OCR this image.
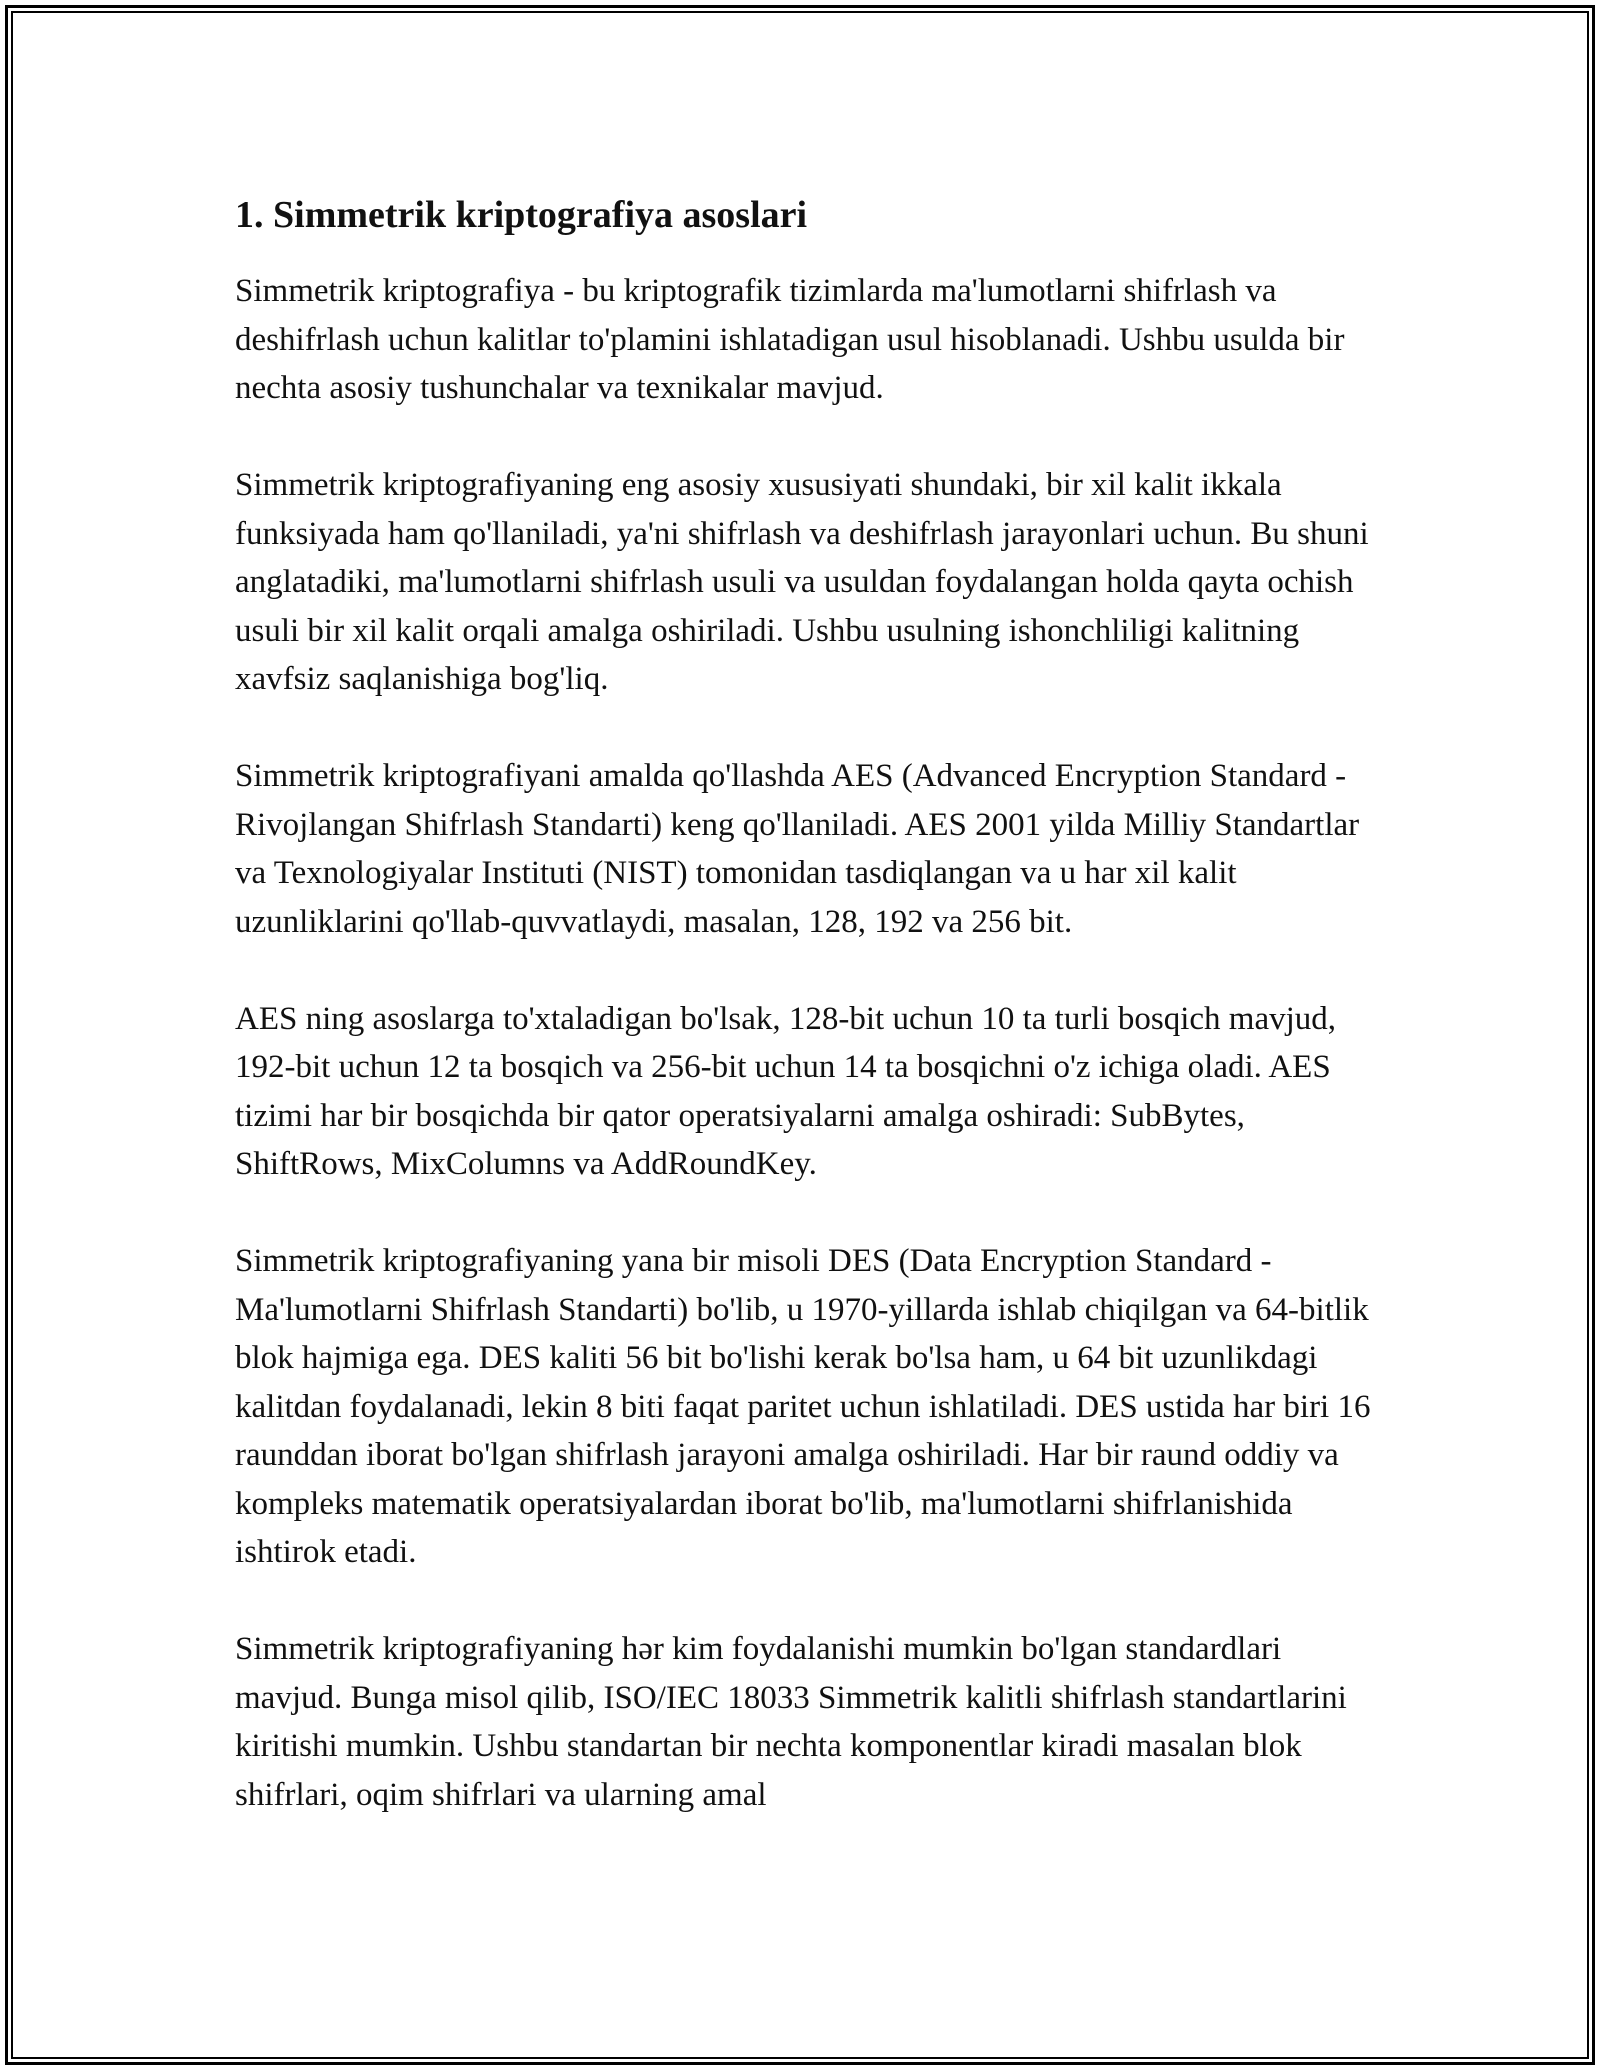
1. Simmetrik kriptografiya asoslari

Simmetrik kriptografiya - bu kriptografik tizimlarda ma'lumotlarni shifrlash va deshifrlash uchun kalitlar to'plamini ishlatadigan usul hisoblanadi. Ushbu usulda bir nechta asosiy tushunchalar va texnikalar mavjud.

Simmetrik kriptografiyaning eng asosiy xususiyati shundaki, bir xil kalit ikkala funksiyada ham qo'llaniladi, ya'ni shifrlash va deshifrlash jarayonlari uchun. Bu shuni anglatadiki, ma'lumotlarni shifrlash usuli va usuldan foydalangan holda qayta ochish usuli bir xil kalit orqali amalga oshiriladi. Ushbu usulning ishonchliligi kalitning xavfsiz saqlanishiga bog'liq.

Simmetrik kriptografiyani amalda qo'llashda AES (Advanced Encryption Standard - Rivojlangan Shifrlash Standarti) keng qo'llaniladi. AES 2001 yilda Milliy Standartlar va Texnologiyalar Instituti (NIST) tomonidan tasdiqlangan va u har xil kalit uzunliklarini qo'llab-quvvatlaydi, masalan, 128, 192 va 256 bit.

AES ning asoslarga to'xtaladigan bo'lsak, 128-bit uchun 10 ta turli bosqich mavjud, 192-bit uchun 12 ta bosqich va 256-bit uchun 14 ta bosqichni o'z ichiga oladi. AES tizimi har bir bosqichda bir qator operatsiyalarni amalga oshiradi: SubBytes, ShiftRows, MixColumns va AddRoundKey.

Simmetrik kriptografiyaning yana bir misoli DES (Data Encryption Standard - Ma'lumotlarni Shifrlash Standarti) bo'lib, u 1970-yillarda ishlab chiqilgan va 64-bitlik blok hajmiga ega. DES kaliti 56 bit bo'lishi kerak bo'lsa ham, u 64 bit uzunlikdagi kalitdan foydalanadi, lekin 8 biti faqat paritet uchun ishlatiladi. DES ustida har biri 16 raunddan iborat bo'lgan shifrlash jarayoni amalga oshiriladi. Har bir raund oddiy va kompleks matematik operatsiyalardan iborat bo'lib, ma'lumotlarni shifrlanishida ishtirok etadi.

Simmetrik kriptografiyaning hər kim foydalanishi mumkin bo'lgan standardlari mavjud. Bunga misol qilib, ISO/IEC 18033 Simmetrik kalitli shifrlash standartlarini kiritishi mumkin. Ushbu standartan bir nechta komponentlar kiradi masalan blok shifrlari, oqim shifrlari va ularning amal
